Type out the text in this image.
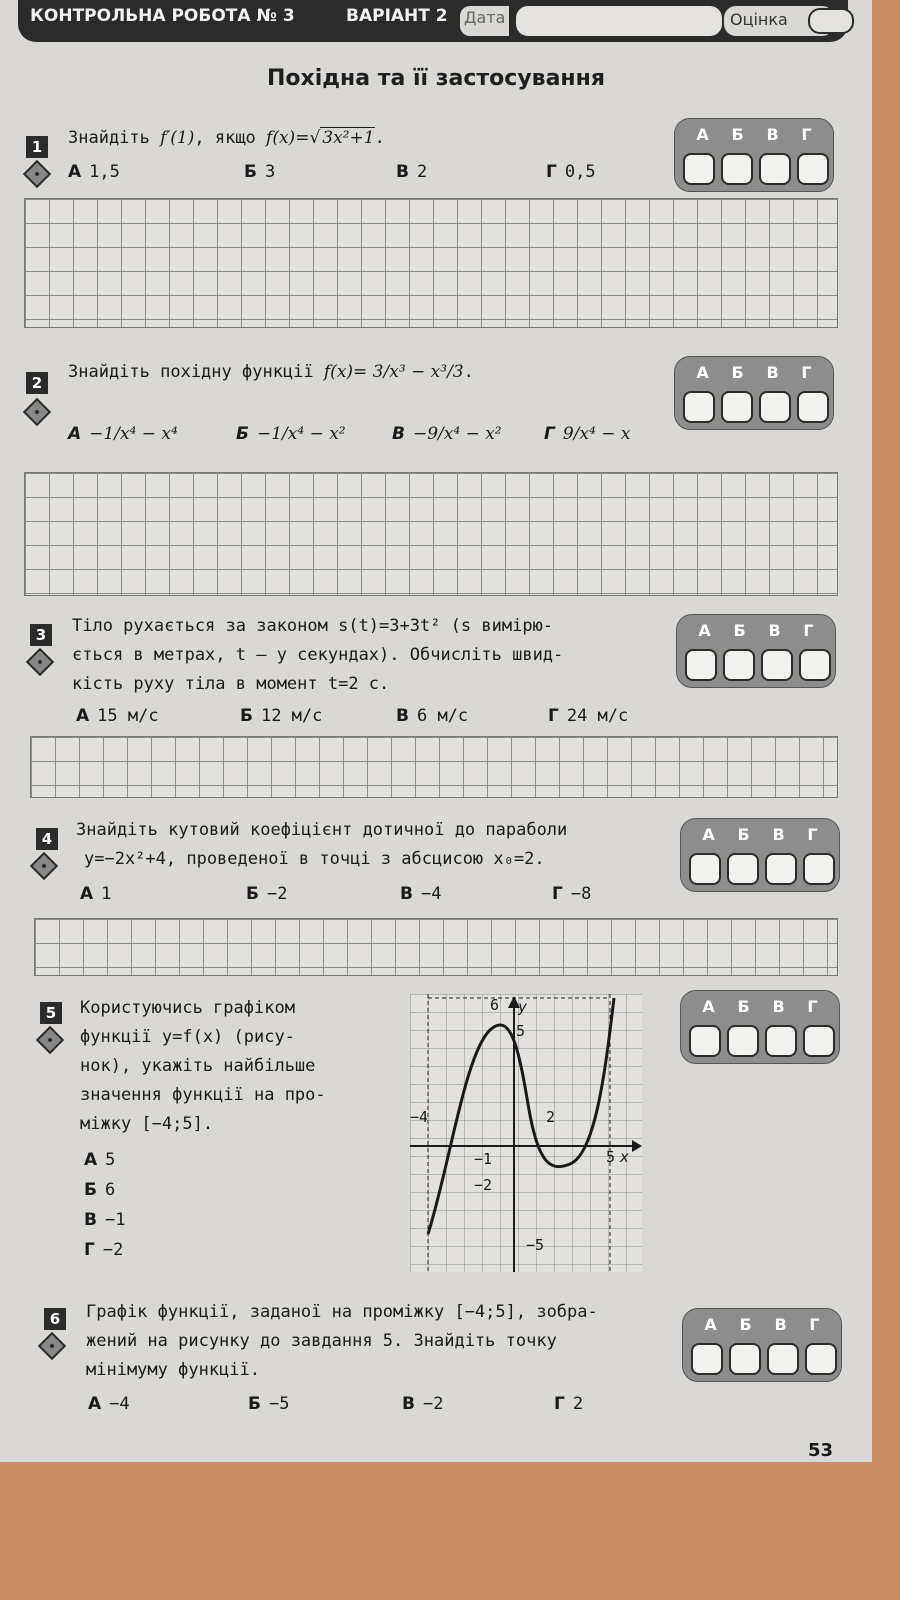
КОНТРОЛЬНА РОБОТА № 3	ВАРІАНТ 2 Дата	Оцінка
Похідна та її застосування
1	Знайдіть f′(1), якщо f(x)=√ 3x²+1.
А 1,5	Б 3	В 2	Г 0,5
А Б В Г
2
Знайдіть похідну функції f(x)= 3/x³ − x³/3.
А −1/x⁴ − x⁴	Б −1/x⁴ − x²	В −9/x⁴ − x² Г 9/x⁴ − x
А Б В Г
3	Тіло рухається за законом s(t)=3+3t² (s вимірю-
ється в метрах, t — у секундах). Обчисліть швид-
кість руху тіла в момент t=2 с.
А 15 м/с	Б 12 м/с	В 6 м/с	Г 24 м/с
А Б В Г
4	Знайдіть кутовий коефіцієнт дотичної до параболи
y=−2x²+4, проведеної в точці з абсцисою x₀=2.
А 1	Б −2	В −4	Г −8
А Б В Г
5	Користуючись графіком
функції y=f(x) (рису-
нок), укажіть найбільше
значення функції на про-
міжку [−4;5].
А 5
Б 6
В −1
Г −2
y
x
6
5
−4	2
−1	5
−2
−5
А Б В Г
6	Графік функції, заданої на проміжку [−4;5], зобра-
жений на рисунку до завдання 5. Знайдіть точку
мінімуму функції.
А −4	Б −5	В −2	Г 2
А Б В Г
53
